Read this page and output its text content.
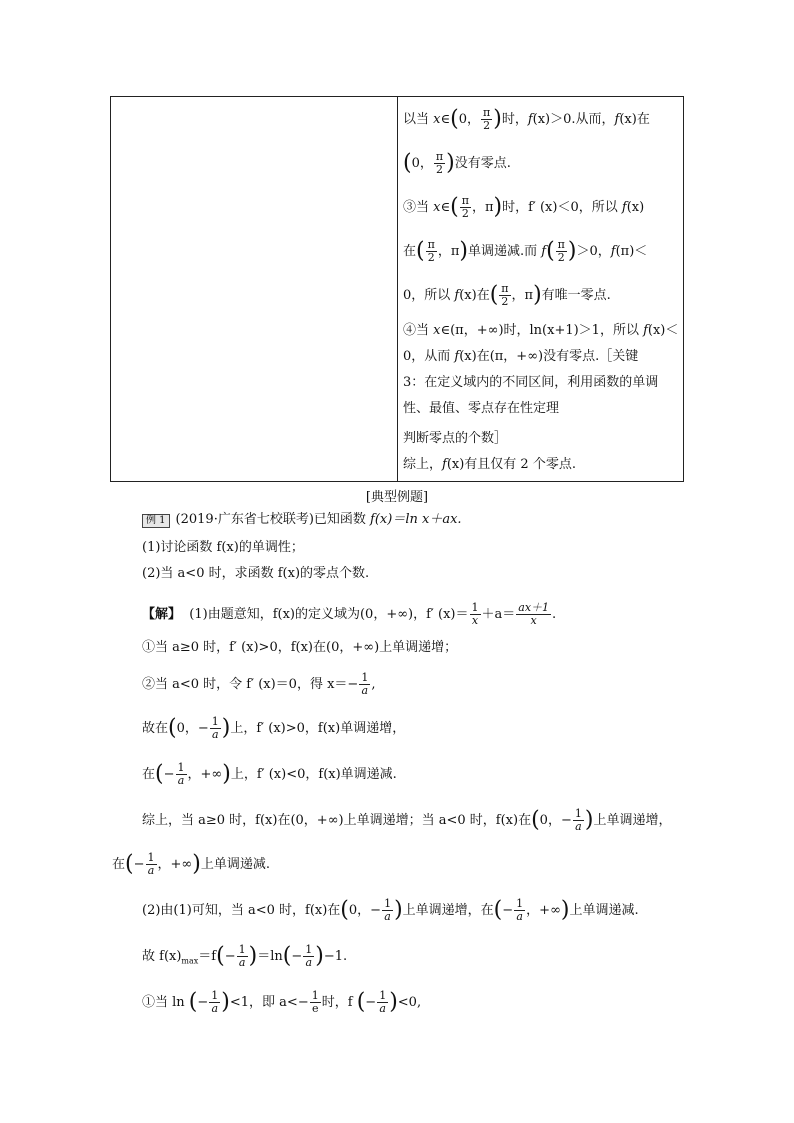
以当 x∈(0， $\frac{\pi}{2}$ )时，f(x)＞0.从而，f(x)在
(0， $\frac{\pi}{2}$ )没有零点.
③当 x∈( $\frac{\pi}{2}$ ，π)时，f′ (x)＜0，所以 f(x)
在( $\frac{\pi}{2}$ ，π)单调递减.而 $f( \frac{\pi}{2} )>0$，f(π)＜
0，所以 f(x)在( $\frac{\pi}{2}$ ，π)有唯一零点.
④当 x∈(π，+∞)时，ln(x+1)＞1，所以 f(x)＜
0，从而 f(x)在(π，+∞)没有零点.［关键
3：在定义域内的不同区间，利用函数的单调
性、最值、零点存在性定理
判断零点的个数］
综上，f(x)有且仅有 2 个零点.
[典型例题]
例 1 (2019·广东省七校联考)已知函数 f(x)＝ln x＋ax.
(1)讨论函数 f(x)的单调性；
(2)当 a<0 时，求函数 f(x)的零点个数.
【解】 (1)由题意知，f(x)的定义域为(0，+∞)，f′ $(x)= \frac{1}{x} +a= \frac{ax+1}{x}$ .
①当 a≥0 时，f′ (x)>0，f(x)在(0，+∞)上单调递增；
②当 a<0 时，令 f′ (x)＝0，得 $x=- \frac{1}{a}$ ,
故在(0，− $\frac{1}{a}$ )上，f′ (x)>0，f(x)单调递增，
在(− $\frac{1}{a}$ ，+∞)上，f′ (x)<0，f(x)单调递减.
综上，当 a≥0 时，f(x)在(0，+∞)上单调递增；当 a<0 时，f(x)在(0，− $\frac{1}{a}$ )上单调递增，
在(− $\frac{1}{a}$ ，+∞)上单调递减.
(2)由(1)可知，当 a<0 时，f(x)在(0，− $\frac{1}{a}$ )上单调递增，在(− $\frac{1}{a}$ ，+∞)上单调递减.
故 $f(x)_{max}=f(- \frac{1}{a} )=\ln(- \frac{1}{a} )-1$.
①当 ln (− $\frac{1}{a} )<1$，即 $a<- \frac{1}{e}$ 时，f (− $\frac{1}{a} )<0$,
